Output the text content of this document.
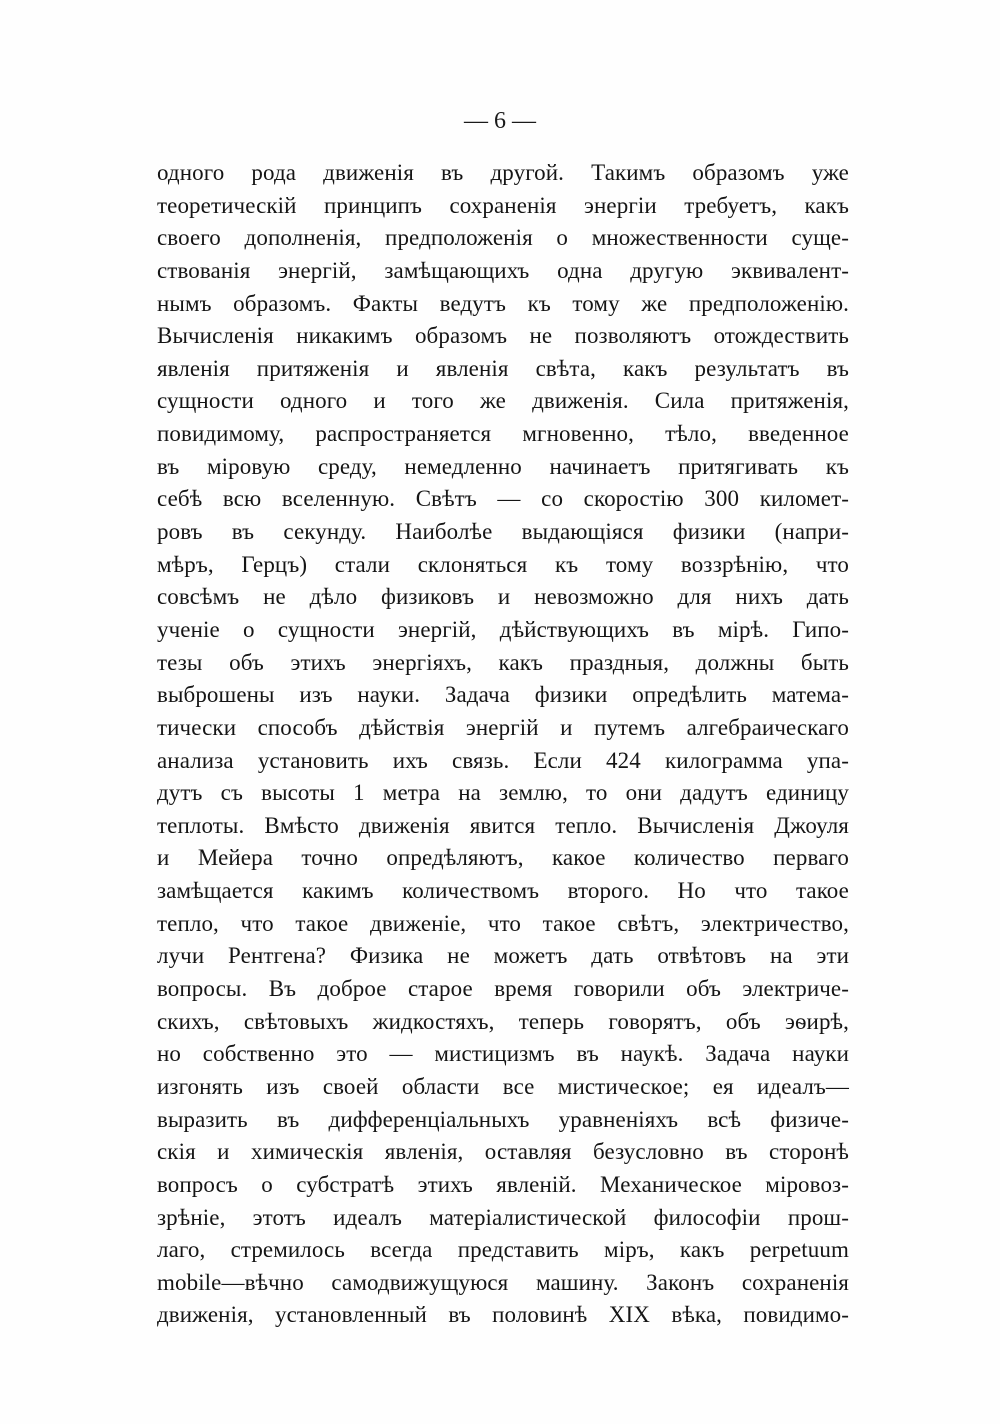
— 6 —
одного рода движенія въ другой. Такимъ образомъ уже
теоретическій принципъ сохраненія энергіи требуетъ, какъ
своего дополненія, предположенія о множественности суще-
ствованія энергій, замѣщающихъ одна другую эквивалент-
нымъ образомъ. Факты ведутъ къ тому же предположенію.
Вычисленія никакимъ образомъ не позволяютъ отождествить
явленія притяженія и явленія свѣта, какъ результатъ въ
сущности одного и того же движенія. Сила притяженія,
повидимому, распространяется мгновенно, тѣло, введенное
въ міровую среду, немедленно начинаетъ притягивать къ
себѣ всю вселенную. Свѣтъ — со скоростію 300 километ-
ровъ въ секунду. Наиболѣе выдающіяся физики (напри-
мѣръ, Герцъ) стали склоняться къ тому воззрѣнію, что
совсѣмъ не дѣло физиковъ и невозможно для нихъ дать
ученіе о сущности энергій, дѣйствующихъ въ мірѣ. Гипо-
тезы объ этихъ энергіяхъ, какъ праздныя, должны быть
выброшены изъ науки. Задача физики опредѣлить матема-
тически способъ дѣйствія энергій и путемъ алгебраическаго
анализа установить ихъ связь. Если 424 килограмма упа-
дутъ съ высоты 1 метра на землю, то они дадутъ единицу
теплоты. Вмѣсто движенія явится тепло. Вычисленія Джоуля
и Мейера точно опредѣляютъ, какое количество перваго
замѣщается какимъ количествомъ второго. Но что такое
тепло, что такое движеніе, что такое свѣтъ, электричество,
лучи Рентгена? Физика не можетъ дать отвѣтовъ на эти
вопросы. Въ доброе старое время говорили объ электриче-
скихъ, свѣтовыхъ жидкостяхъ, теперь говорятъ, объ эѳирѣ,
но собственно это — мистицизмъ въ наукѣ. Задача науки
изгонять изъ своей области все мистическое; ея идеалъ—
выразить въ дифференціальныхъ уравненіяхъ всѣ физиче-
скія и химическія явленія, оставляя безусловно въ сторонѣ
вопросъ о субстратѣ этихъ явленій. Механическое міровоз-
зрѣніе, этотъ идеалъ матеріалистической философіи прош-
лаго, стремилось всегда представить міръ, какъ perpetuum
mobile—вѣчно самодвижущуюся машину. Законъ сохраненія
движенія, установленный въ половинѣ XIX вѣка, повидимо-
